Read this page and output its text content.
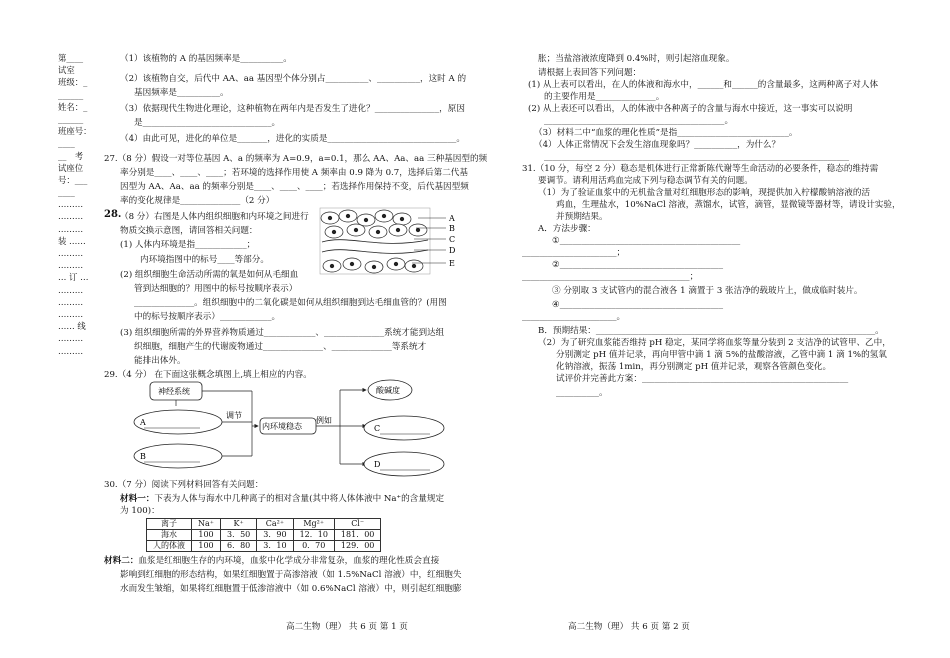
第____
试室
班级：_
______
姓名：_
______
班座号：
____
__　考
试座位
号：___
____
………
………
………
装 ……
………
………
… 订 …
………
………
………
…… 线
………
………
（1）该植物的 A 的基因频率是__________。
（2）该植物自交，后代中 AA、aa 基因型个体分别占__________、__________，这时 A 的
基因频率是__________。
（3）依据现代生物进化理论，这种植物在两年内是否发生了进化？_______________，原因
是______________________________。
（4）由此可见，进化的单位是_______，进化的实质是______________________________。
27.（8 分）假设一对等位基因 A、a 的频率为 A=0.9，a=0.1，那么 AA、Aa、aa 三种基因型的频
率分别是____、____、____；若环境的选择作用使 A 频率由 0.9 降为 0.7，选择后第二代基
因型为 AA、Aa、aa 的频率分别是____、____、____；若选择作用保持不变，后代基因型频
率的变化规律是______________（2 分）
28.
（8 分）右图是人体内组织细胞和内环境之间进行
物质交换示意图，请回答相关问题：
(1) 人体内环境是指____________；
内环境指图中的标号____等部分。
(2) 组织细胞生命活动所需的氧是如何从毛细血
管到达细胞的？用图中的标号按顺序表示）
______________。组织细胞中的二氧化碳是如何从组织细胞到达毛细血管的？(用图
中的标号按顺序表示）____________。
(3) 组织细胞所需的外界营养物质通过____________、______________系统才能到达组
织细胞，细胞产生的代谢废物通过______________、______________等系统才
能排出体外。
A
B
C
D
E
29.（4 分） 在下面这张概念填图上,填上相应的内容。
神经系统
A
B
调节
内环境稳态
例如
酸碱度
C
D
30.（7 分）阅读下列材料回答有关问题：
材料一：下表为人体与海水中几种离子的相对含量(其中将人体体液中 Na⁺的含量规定
为 100)：
离子	Na⁺	K⁺	Ca²⁺	Mg²⁺	Cl⁻
海水	100	3．50	3．90	12．10	181．00
人的体液	100	6．80	3．10	0．70	129．00
材料二：血浆是红细胞生存的内环境，血浆中化学成分非常复杂，血浆的理化性质会直接
影响到红细胞的形态结构，如果红细胞置于高渗溶液（如 1.5%NaCl 溶液）中，红细胞失
水而发生皱缩，如果将红细胞置于低渗溶液中（如 0.6%NaCl 溶液）中，则引起红细胞膨
高二生物（理） 共 6 页 第 1 页
胀；当盐溶液浓度降到 0.4%时，则引起溶血现象。
请根据上表回答下列问题：
(1) 从上表可以看出，在人的体液和海水中，______和______的含量最多，这两种离子对人体
的主要作用是______________。
(2) 从上表还可以看出，人的体液中各种离子的含量与海水中接近，这一事实可以说明
__________________________________________。
（3）材料二中“血浆的理化性质”是指__________________________。
（4）人体正常情况下会发生溶血现象吗？__________，为什么？
_______________________________________________________________________
31.（10 分，每空 2 分）稳态是机体进行正常新陈代谢等生命活动的必要条件，稳态的维持需
要调节。请利用活鸡血完成下列与稳态调节有关的问题。
（1）为了验证血浆中的无机盐含量对红细胞形态的影响，现提供加入柠檬酸钠溶液的活
鸡血，生理盐水，10%NaCl 溶液，蒸馏水，试管，滴管，显微镜等器材等，请设计实验，
并预期结果。
A．方法步骤：
①__________________________________________
______________________；
②______________________________________
_______________________________________；
③ 分别取 3 支试管内的混合液各 1 滴置于 3 张洁净的载玻片上，做成临时装片。
④______________________________________
______________________。
B．预期结果：_________________________________________________________________。
（2）为了研究血浆能否维持 pH 稳定，某同学将血浆等量分装到 2 支洁净的试管甲、乙中，
分别测定 pH 值并记录，再向甲管中滴 1 滴 5%的盐酸溶液，乙管中滴 1 滴 1%的氢氧
化钠溶液，振荡 1min，再分别测定 pH 值并记录，观察各管颜色变化。
试评价并完善此方案：________________________________________________
__________。
高二生物（理） 共 6 页 第 2 页
